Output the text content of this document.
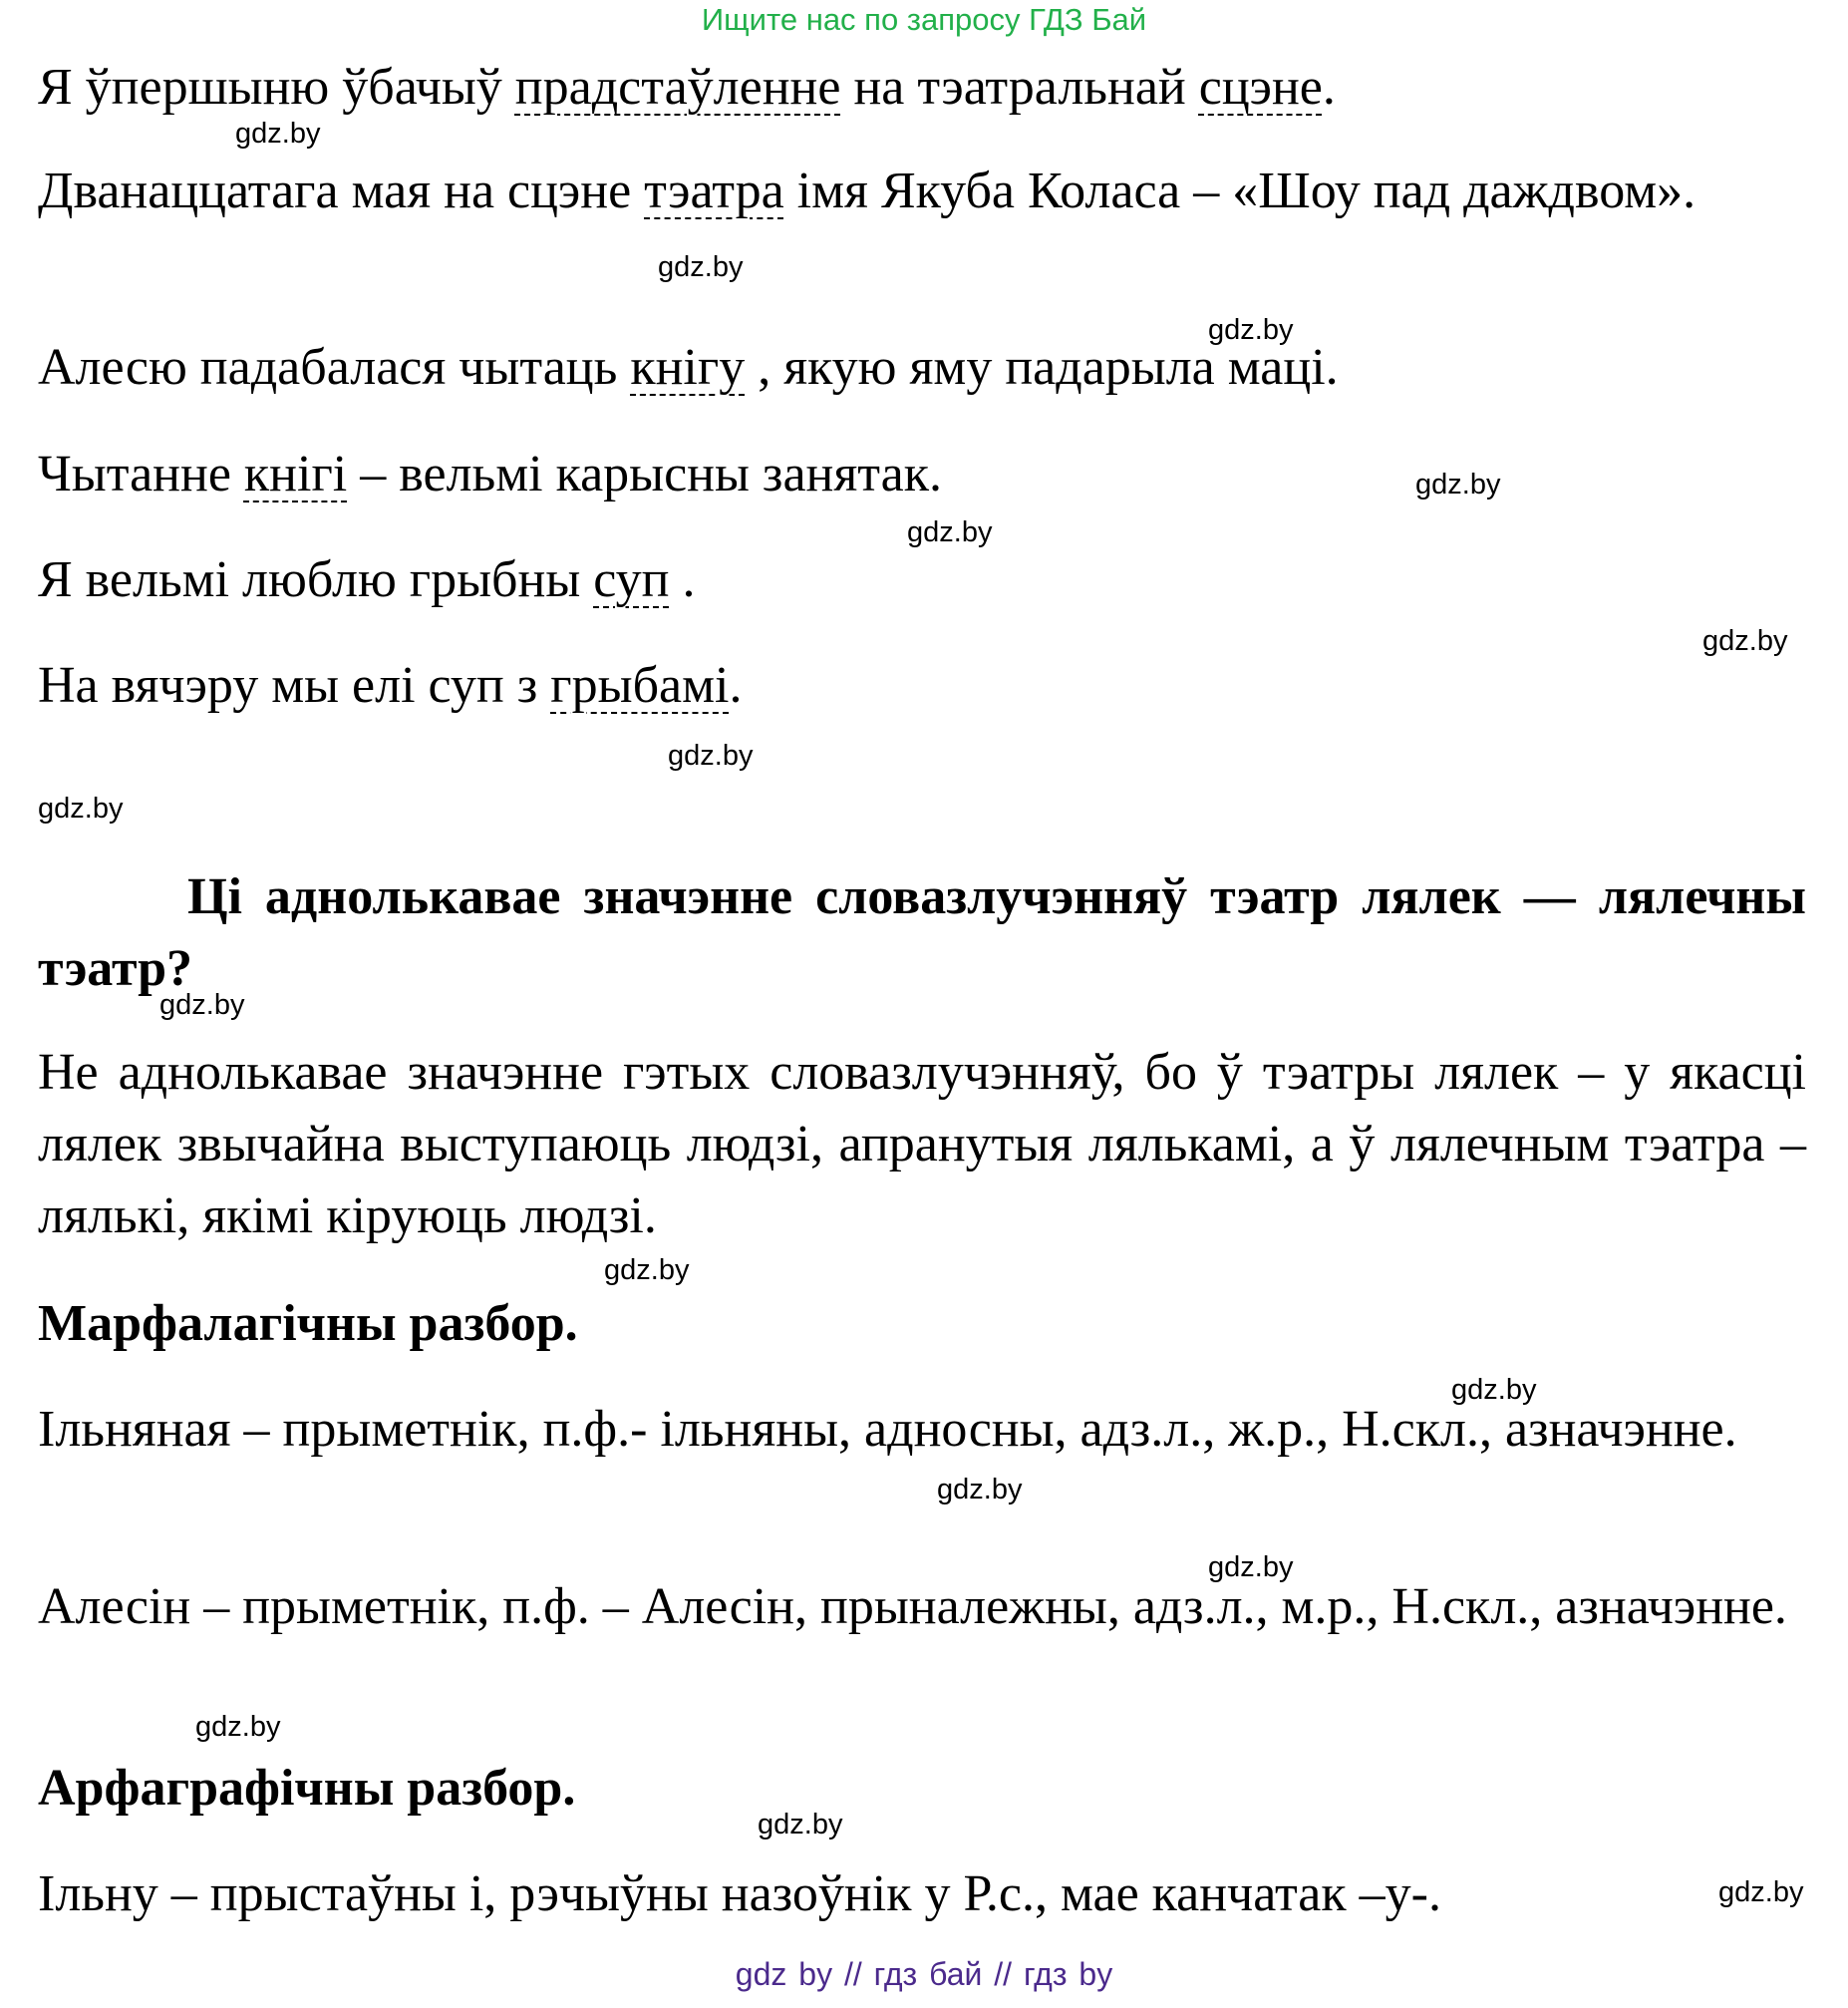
Ищите нас по запросу ГДЗ Бай
Я ўпершыню ўбачыў прадстаўленне на тэатральнай сцэне.
Дванаццатага мая на сцэне тэатра імя Якуба Коласа – «Шоу пад даждвом».
Алесю падабалася чытаць кнігу , якую яму падарыла маці.
Чытанне кнігі – вельмі карысны занятак.
Я вельмі люблю грыбны суп .
На вячэру мы елі суп з грыбамі.
Ці аднолькавае значэнне словазлучэнняў тэатр лялек — лялечны тэатр?
Не аднолькавае значэнне гэтых словазлучэнняў, бо ў тэатры лялек – у якасці лялек звычайна выступаюць людзі, апранутыя лялькамі, а ў лялечным тэатра – лялькі, якімі кіруюць людзі.
Марфалагічны разбор.
Ільняная – прыметнік, п.ф.- ільняны, адносны, адз.л., ж.р., Н.скл., азначэнне.
Алесін – прыметнік, п.ф. – Алесін, прыналежны, адз.л., м.р., Н.скл., азначэнне.
Арфаграфічны разбор.
Ільну – прыстаўны і, рэчыўны назоўнік у Р.с., мае канчатак –у-.
gdz.by
gdz.by
gdz.by
gdz.by
gdz.by
gdz.by
gdz.by
gdz.by
gdz.by
gdz.by
gdz.by
gdz.by
gdz.by
gdz.by
gdz.by
gdz.by
gdz by // гдз бай // гдз by
